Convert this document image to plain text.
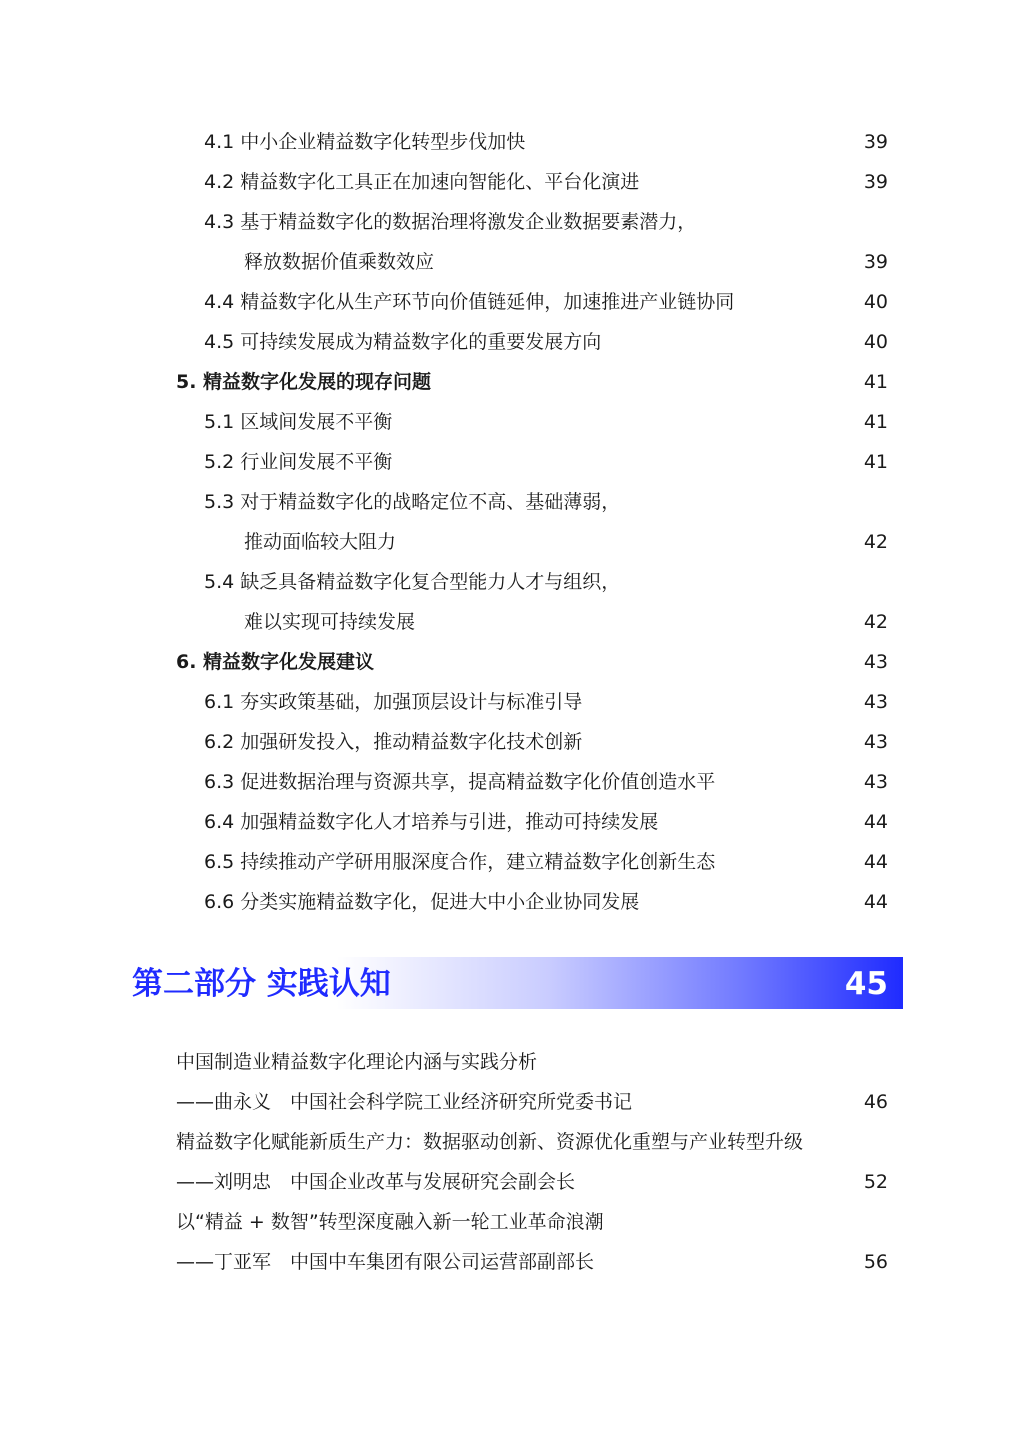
4.1 中小企业精益数字化转型步伐加快	39
4.2 精益数字化工具正在加速向智能化、平台化演进	39
4.3 基于精益数字化的数据治理将激发企业数据要素潜力，
释放数据价值乘数效应	39
4.4 精益数字化从生产环节向价值链延伸，加速推进产业链协同	40
4.5 可持续发展成为精益数字化的重要发展方向	40
5. 精益数字化发展的现存问题	41
5.1 区域间发展不平衡	41
5.2 行业间发展不平衡	41
5.3 对于精益数字化的战略定位不高、基础薄弱，
推动面临较大阻力	42
5.4 缺乏具备精益数字化复合型能力人才与组织，
难以实现可持续发展	42
6. 精益数字化发展建议	43
6.1 夯实政策基础，加强顶层设计与标准引导	43
6.2 加强研发投入，推动精益数字化技术创新	43
6.3 促进数据治理与资源共享，提高精益数字化价值创造水平	43
6.4 加强精益数字化人才培养与引进，推动可持续发展	44
6.5 持续推动产学研用服深度合作，建立精益数字化创新生态	44
6.6 分类实施精益数字化，促进大中小企业协同发展	44
第二部分 实践认知	45
中国制造业精益数字化理论内涵与实践分析
——曲永义　中国社会科学院工业经济研究所党委书记	46
精益数字化赋能新质生产力：数据驱动创新、资源优化重塑与产业转型升级
——刘明忠　中国企业改革与发展研究会副会长	52
以“精益 + 数智”转型深度融入新一轮工业革命浪潮
——丁亚军　中国中车集团有限公司运营部副部长	56
